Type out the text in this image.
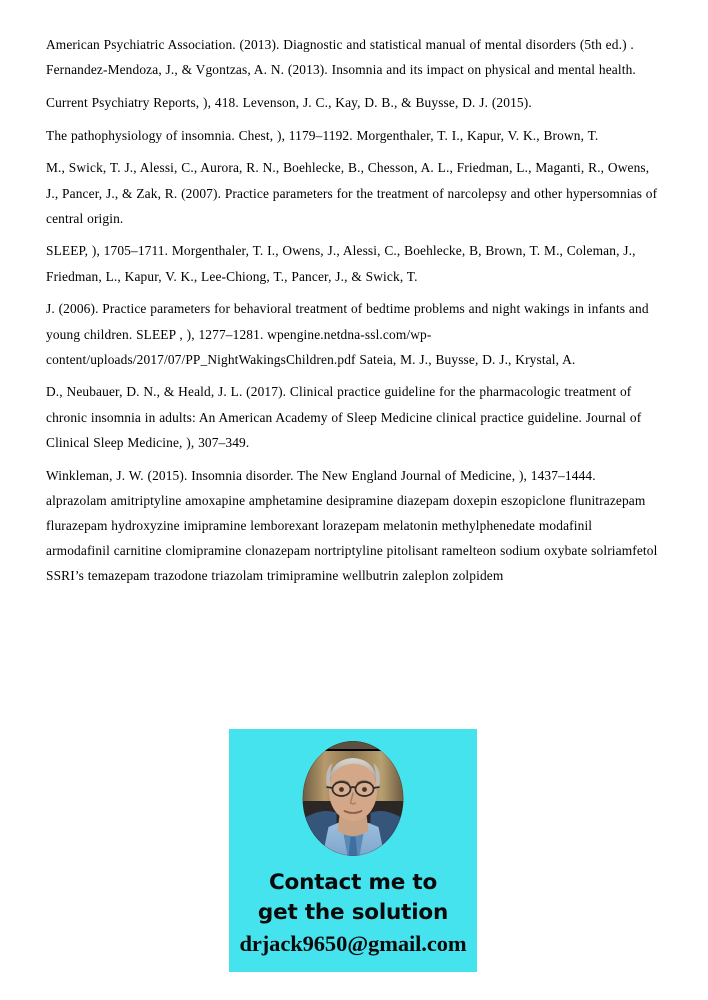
American Psychiatric Association. (2013). Diagnostic and statistical manual of mental disorders (5th ed.) . Fernandez-Mendoza, J., & Vgontzas, A. N. (2013). Insomnia and its impact on physical and mental health.

Current Psychiatry Reports, ), 418. Levenson, J. C., Kay, D. B., & Buysse, D. J. (2015).

The pathophysiology of insomnia. Chest, ), 1179–1192. Morgenthaler, T. I., Kapur, V. K., Brown, T.

M., Swick, T. J., Alessi, C., Aurora, R. N., Boehlecke, B., Chesson, A. L., Friedman, L., Maganti, R., Owens, J., Pancer, J., & Zak, R. (2007). Practice parameters for the treatment of narcolepsy and other hypersomnias of central origin.

SLEEP, ), 1705–1711. Morgenthaler, T. I., Owens, J., Alessi, C., Boehlecke, B, Brown, T. M., Coleman, J., Friedman, L., Kapur, V. K., Lee-Chiong, T., Pancer, J., & Swick, T.

J. (2006). Practice parameters for behavioral treatment of bedtime problems and night wakings in infants and young children. SLEEP , ), 1277–1281. wpengine.netdna-ssl.com/wp-content/uploads/2017/07/PP_NightWakingsChildren.pdf Sateia, M. J., Buysse, D. J., Krystal, A.

D., Neubauer, D. N., & Heald, J. L. (2017). Clinical practice guideline for the pharmacologic treatment of chronic insomnia in adults: An American Academy of Sleep Medicine clinical practice guideline. Journal of Clinical Sleep Medicine, ), 307–349.

Winkleman, J. W. (2015). Insomnia disorder. The New England Journal of Medicine, ), 1437–1444. alprazolam amitriptyline amoxapine amphetamine desipramine diazepam doxepin eszopiclone flunitrazepam flurazepam hydroxyzine imipramine lemborexant lorazepam melatonin methylphenedate modafinil armodafinil carnitine clomipramine clonazepam nortriptyline pitolisant ramelteon sodium oxybate solriamfetol SSRI’s temazepam trazodone triazolam trimipramine wellbutrin zaleplon zolpidem

Contact me to
get the solution
drjack9650@gmail.com
